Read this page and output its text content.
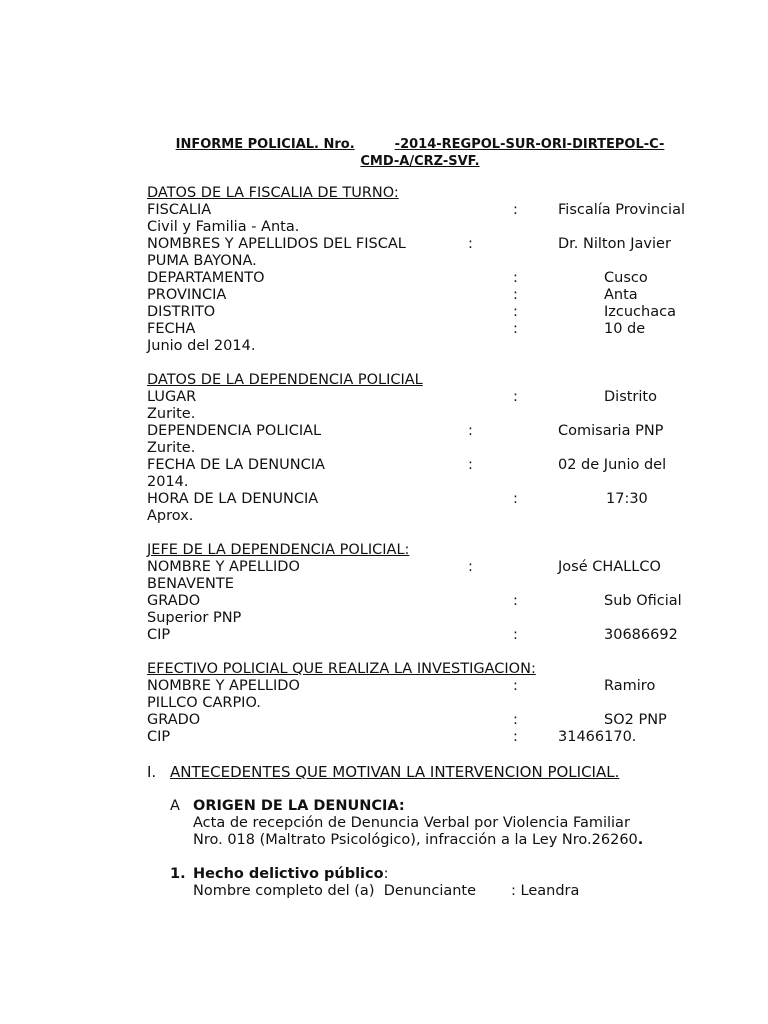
INFORME POLICIAL. Nro.	-2014-REGPOL-SUR-ORI-DIRTEPOL-C-
CMD-A/CRZ-SVF.
DATOS DE LA FISCALIA DE TURNO:
FISCALIA	:	Fiscalía Provincial
Civil y Familia - Anta.
NOMBRES Y APELLIDOS DEL FISCAL	:	Dr. Nilton Javier
PUMA BAYONA.
DEPARTAMENTO	:	Cusco
PROVINCIA	:	Anta
DISTRITO	:	Izcuchaca
FECHA	:	10 de
Junio del 2014.
DATOS DE LA DEPENDENCIA POLICIAL
LUGAR	:	Distrito
Zurite.
DEPENDENCIA POLICIAL	:	Comisaria PNP
Zurite.
FECHA DE LA DENUNCIA	:	02 de Junio del
2014.
HORA DE LA DENUNCIA	:	17:30
Aprox.
JEFE DE LA DEPENDENCIA POLICIAL:
NOMBRE Y APELLIDO	:	José CHALLCO
BENAVENTE
GRADO	:	Sub Oficial
Superior PNP
CIP	:	30686692
EFECTIVO POLICIAL QUE REALIZA LA INVESTIGACION:
NOMBRE Y APELLIDO	:	Ramiro
PILLCO CARPIO.
GRADO	:	SO2 PNP
CIP	:	31466170.
I. ANTECEDENTES QUE MOTIVAN LA INTERVENCION POLICIAL.
A ORIGEN DE LA DENUNCIA:
Acta de recepción de Denuncia Verbal por Violencia Familiar
Nro. 018 (Maltrato Psicológico), infracción a la Ley Nro.26260.
1. Hecho delictivo público:
Nombre completo del (a)  Denunciante : Leandra
